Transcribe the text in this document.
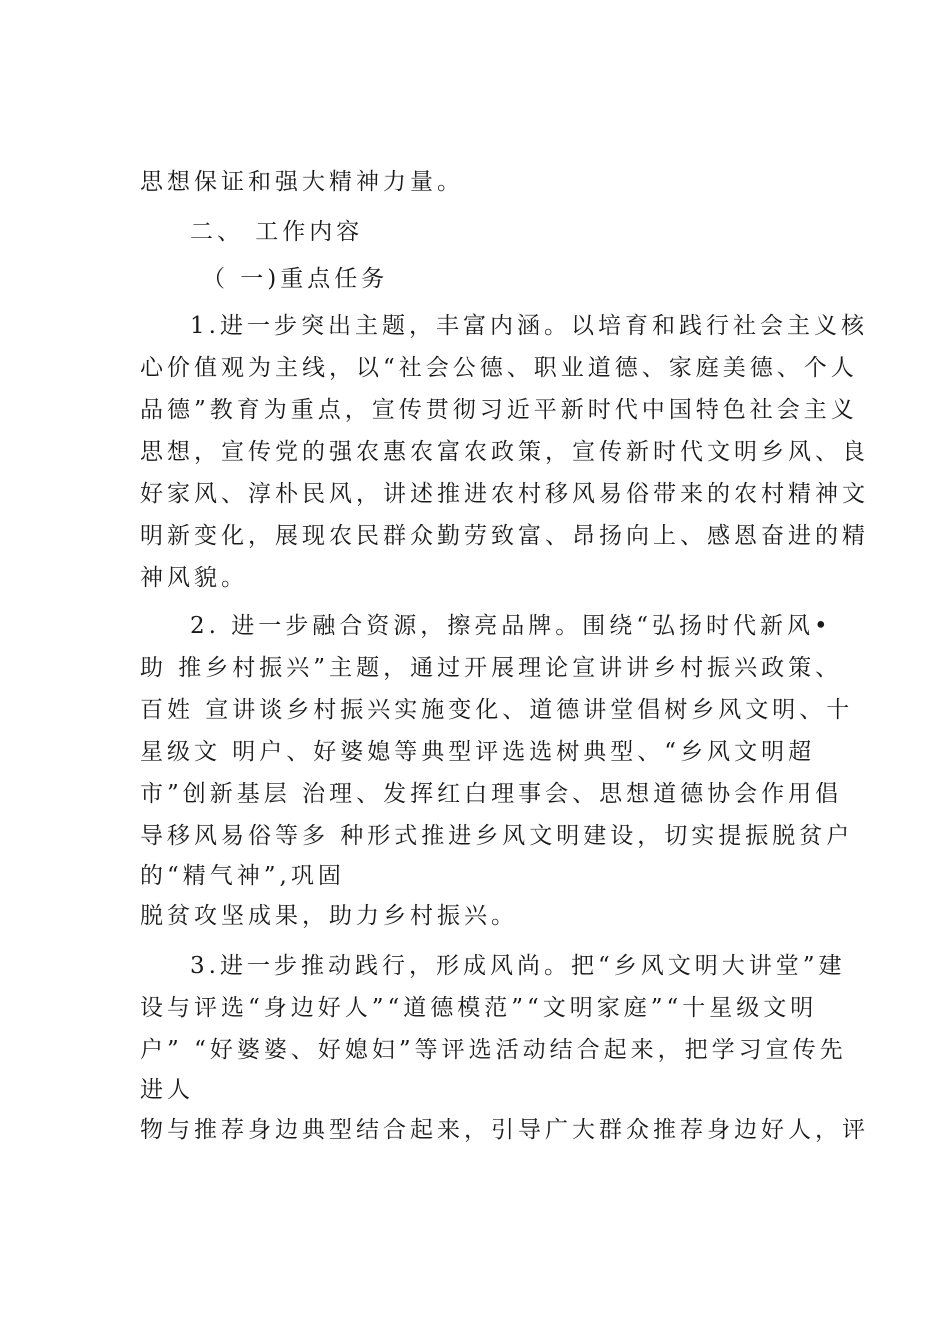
思想保证和强大精神力量。
二、 工作内容
（ 一)重点任务
1.进一步突出主题，丰富内涵。以培育和践行社会主义核
心价值观为主线，以“社会公德、职业道德、家庭美德、个人
品德”教育为重点，宣传贯彻习近平新时代中国特色社会主义
思想，宣传党的强农惠农富农政策，宣传新时代文明乡风、良
好家风、淳朴民风，讲述推进农村移风易俗带来的农村精神文
明新变化，展现农民群众勤劳致富、昂扬向上、感恩奋进的精
神风貌。
2. 进一步融合资源，擦亮品牌。围绕“弘扬时代新风•
助 推乡村振兴”主题，通过开展理论宣讲讲乡村振兴政策、
百姓 宣讲谈乡村振兴实施变化、道德讲堂倡树乡风文明、十
星级文 明户、好婆媳等典型评选选树典型、“乡风文明超
市”创新基层 治理、发挥红白理事会、思想道德协会作用倡
导移风易俗等多 种形式推进乡风文明建设，切实提振脱贫户
的“精气神”,巩固
脱贫攻坚成果，助力乡村振兴。
3.进一步推动践行，形成风尚。把“乡风文明大讲堂”建
设与评选“身边好人”“道德模范”“文明家庭”“十星级文明
户” “好婆婆、好媳妇”等评选活动结合起来，把学习宣传先
进人
物与推荐身边典型结合起来，引导广大群众推荐身边好人，评
